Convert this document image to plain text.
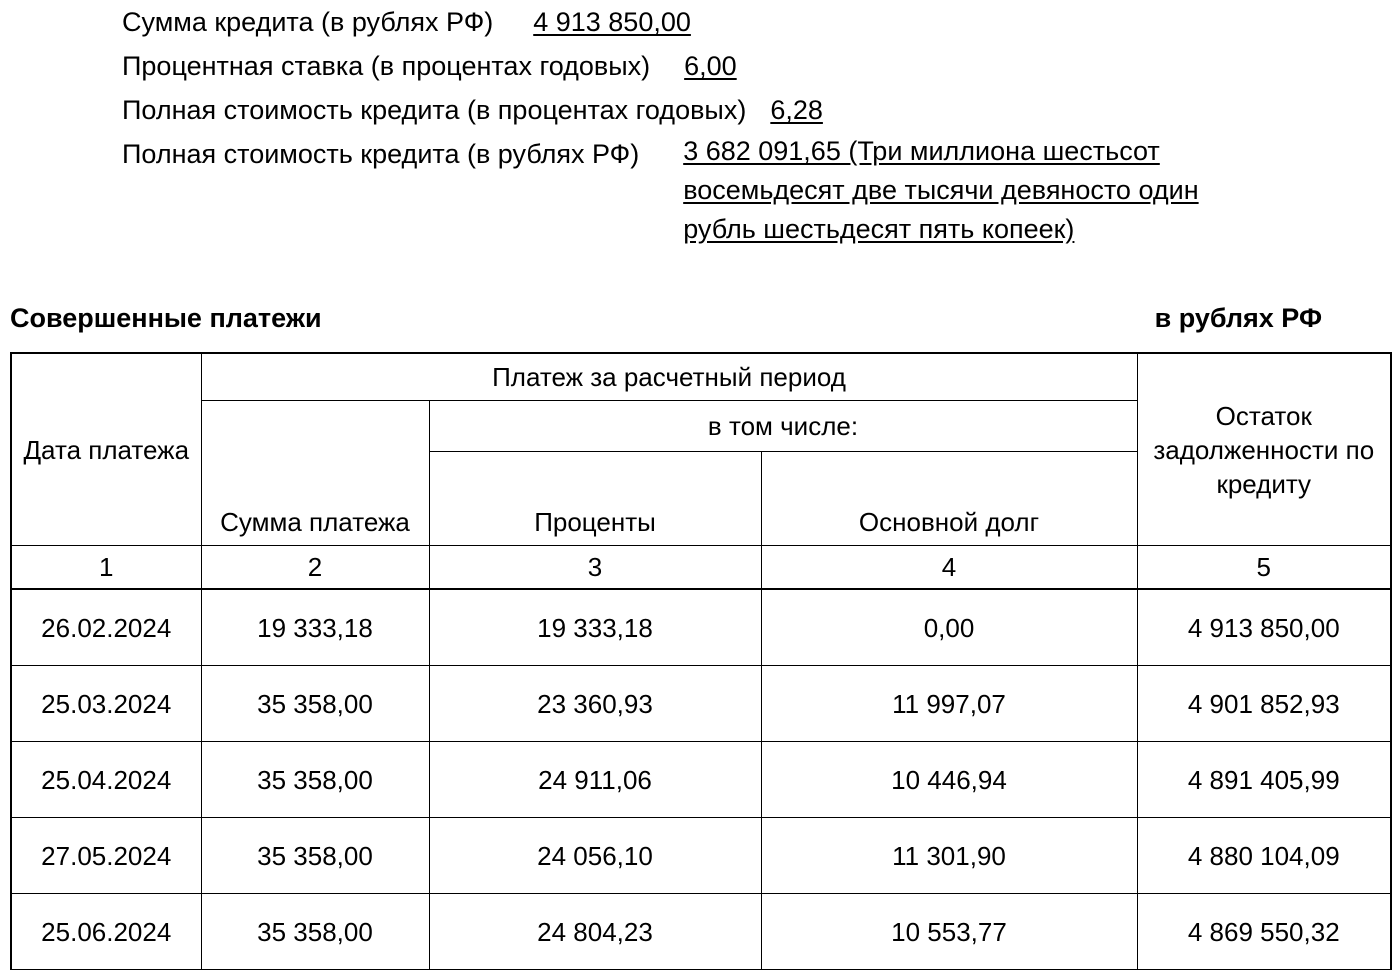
Сумма кредита (в рублях РФ) 4 913 850,00
Процентная ставка (в процентах годовых) 6,00
Полная стоимость кредита (в процентах годовых) 6,28
Полная стоимость кредита (в рублях РФ) 3 682 091,65 (Три миллиона шестьсот восемьдесят две тысячи девяносто один рубль шестьдесят пять копеек)
Совершенные платежи	в рублях РФ
Дата платежа	Платеж за расчетный период			Остаток задолженности по кредиту
	Сумма платежа	в том числе:		
		Проценты	Основной долг	
1	2	3	4	5
26.02.2024	19 333,18	19 333,18	0,00	4 913 850,00
25.03.2024	35 358,00	23 360,93	11 997,07	4 901 852,93
25.04.2024	35 358,00	24 911,06	10 446,94	4 891 405,99
27.05.2024	35 358,00	24 056,10	11 301,90	4 880 104,09
25.06.2024	35 358,00	24 804,23	10 553,77	4 869 550,32
